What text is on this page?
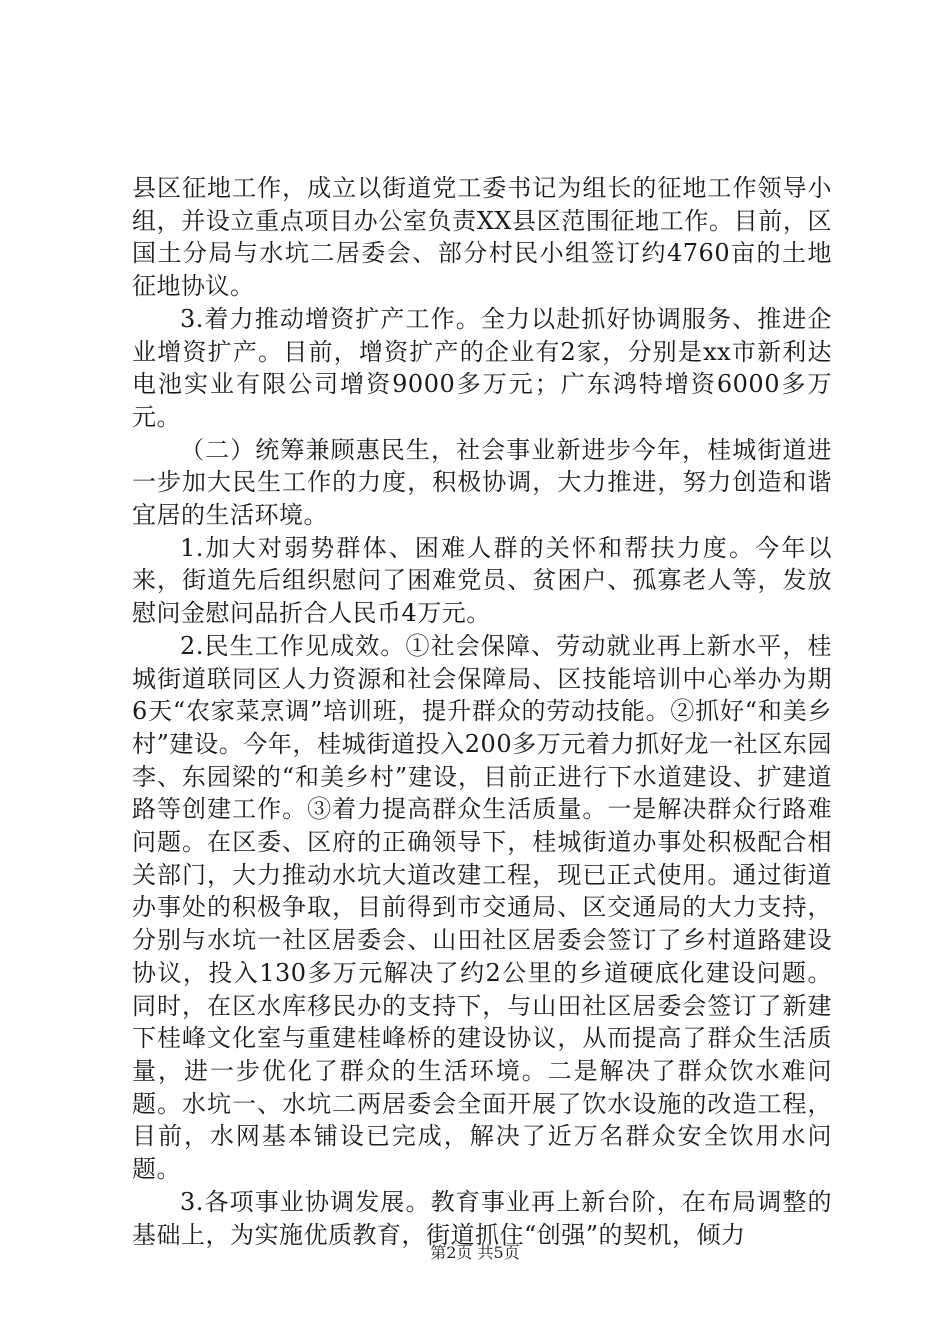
县区征地工作，成立以街道党工委书记为组长的征地工作领导小组，并设立重点项目办公室负责XX县区范围征地工作。目前，区国土分局与水坑二居委会、部分村民小组签订约4760亩的土地征地协议。

3.着力推动增资扩产工作。全力以赴抓好协调服务、推进企业增资扩产。目前，增资扩产的企业有2家，分别是xx市新利达电池实业有限公司增资9000多万元；广东鸿特增资6000多万元。

（二）统筹兼顾惠民生，社会事业新进步今年，桂城街道进一步加大民生工作的力度，积极协调，大力推进，努力创造和谐宜居的生活环境。

1.加大对弱势群体、困难人群的关怀和帮扶力度。今年以来，街道先后组织慰问了困难党员、贫困户、孤寡老人等，发放慰问金慰问品折合人民币4万元。

2.民生工作见成效。①社会保障、劳动就业再上新水平，桂城街道联同区人力资源和社会保障局、区技能培训中心举办为期6天“农家菜烹调”培训班，提升群众的劳动技能。②抓好“和美乡村”建设。今年，桂城街道投入200多万元着力抓好龙一社区东园李、东园梁的“和美乡村”建设，目前正进行下水道建设、扩建道路等创建工作。③着力提高群众生活质量。一是解决群众行路难问题。在区委、区府的正确领导下，桂城街道办事处积极配合相关部门，大力推动水坑大道改建工程，现已正式使用。通过街道办事处的积极争取，目前得到市交通局、区交通局的大力支持，分别与水坑一社区居委会、山田社区居委会签订了乡村道路建设协议，投入130多万元解决了约2公里的乡道硬底化建设问题。同时，在区水库移民办的支持下，与山田社区居委会签订了新建下桂峰文化室与重建桂峰桥的建设协议，从而提高了群众生活质量，进一步优化了群众的生活环境。二是解决了群众饮水难问题。水坑一、水坑二两居委会全面开展了饮水设施的改造工程，目前，水网基本铺设已完成，解决了近万名群众安全饮用水问题。

3.各项事业协调发展。教育事业再上新台阶，在布局调整的基础上，为实施优质教育，街道抓住“创强”的契机，倾力

第2页 共5页
